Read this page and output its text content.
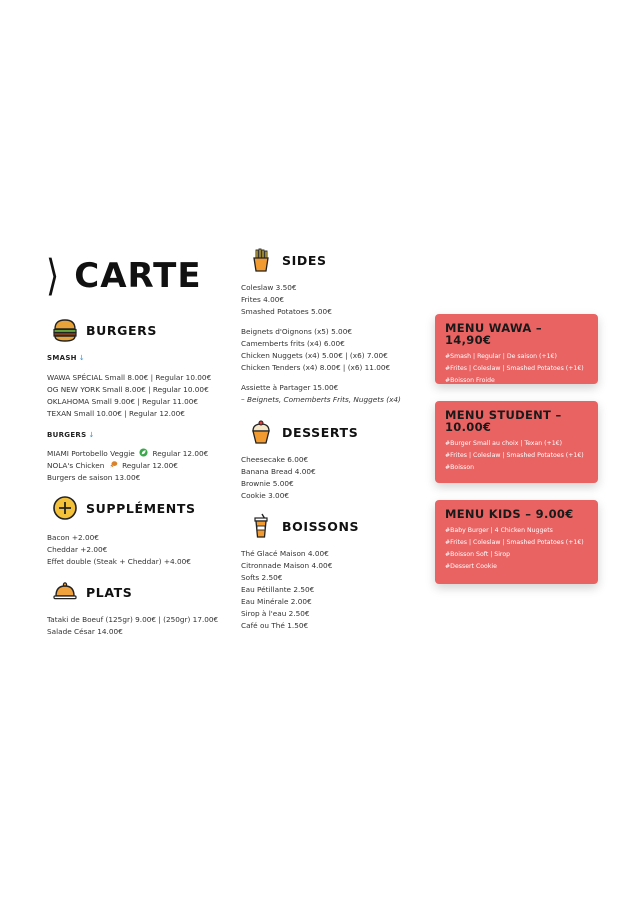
⟩ CARTE
BURGERS
SMASH ↓
WAWA SPÉCIAL Small 8.00€ | Regular 10.00€
OG NEW YORK Small 8.00€ | Regular 10.00€
OKLAHOMA Small 9.00€ | Regular 11.00€
TEXAN Small 10.00€ | Regular 12.00€
BURGERS ↓
MIAMI Portobello Veggie Regular 12.00€
NOLA's Chicken Regular 12.00€
Burgers de saison 13.00€
SUPPLÉMENTS
Bacon +2.00€
Cheddar +2.00€
Effet double (Steak + Cheddar) +4.00€
PLATS
Tataki de Boeuf (125gr) 9.00€ | (250gr) 17.00€
Salade César 14.00€
SIDES
Coleslaw 3.50€
Frites 4.00€
Smashed Potatoes 5.00€
Beignets d'Oignons (x5) 5.00€
Camemberts frits (x4) 6.00€
Chicken Nuggets (x4) 5.00€ | (x6) 7.00€
Chicken Tenders (x4) 8.00€ | (x6) 11.00€
Assiette à Partager 15.00€
– Beignets, Comemberts Frits, Nuggets (x4)
DESSERTS
Cheesecake 6.00€
Banana Bread 4.00€
Brownie 5.00€
Cookie 3.00€
BOISSONS
Thé Glacé Maison 4.00€
Citronnade Maison 4.00€
Softs 2.50€
Eau Pétillante 2.50€
Eau Minérale 2.00€
Sirop à l'eau 2.50€
Café ou Thé 1.50€
MENU WAWA – 14,90€
#Smash | Regular | De saison (+1€)
#Frites | Coleslaw | Smashed Potatoes (+1€)
#Boisson Froide
MENU STUDENT – 10.00€
#Burger Small au choix | Texan (+1€)
#Frites | Coleslaw | Smashed Potatoes (+1€)
#Boisson
MENU KIDS – 9.00€
#Baby Burger | 4 Chicken Nuggets
#Frites | Coleslaw | Smashed Potatoes (+1€)
#Boisson Soft | Sirop
#Dessert Cookie
